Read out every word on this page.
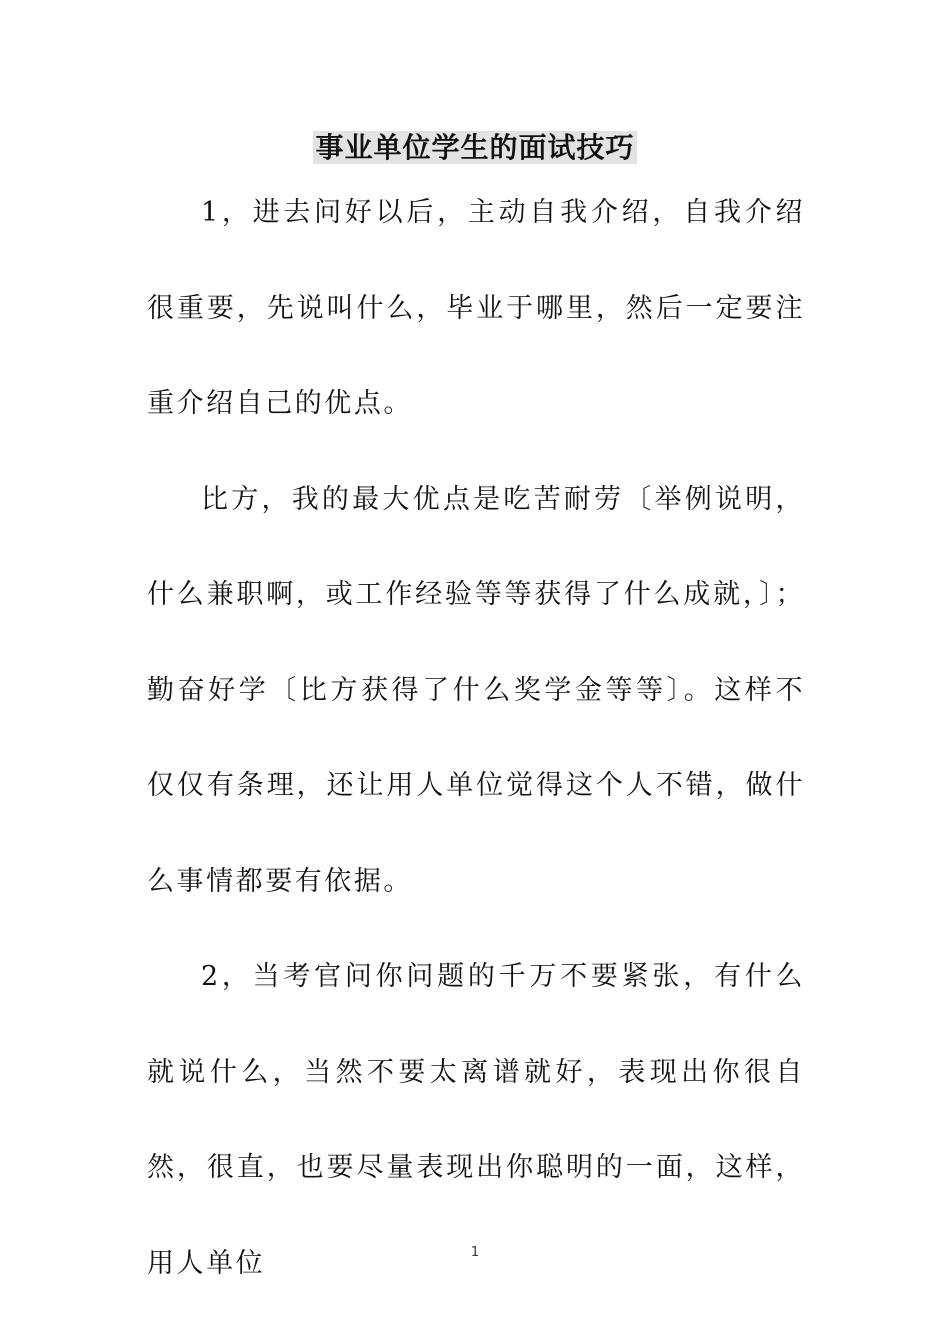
事业单位学生的面试技巧

1，进去问好以后，主动自我介绍，自我介绍很重要，先说叫什么，毕业于哪里，然后一定要注重介绍自己的优点。

比方，我的最大优点是吃苦耐劳〔举例说明，什么兼职啊，或工作经验等等获得了什么成就，〕；勤奋好学〔比方获得了什么奖学金等等〕。这样不仅仅有条理，还让用人单位觉得这个人不错，做什么事情都要有依据。

2，当考官问你问题的千万不要紧张，有什么就说什么，当然不要太离谱就好，表现出你很自然，很直，也要尽量表现出你聪明的一面，这样，用人单位	1
